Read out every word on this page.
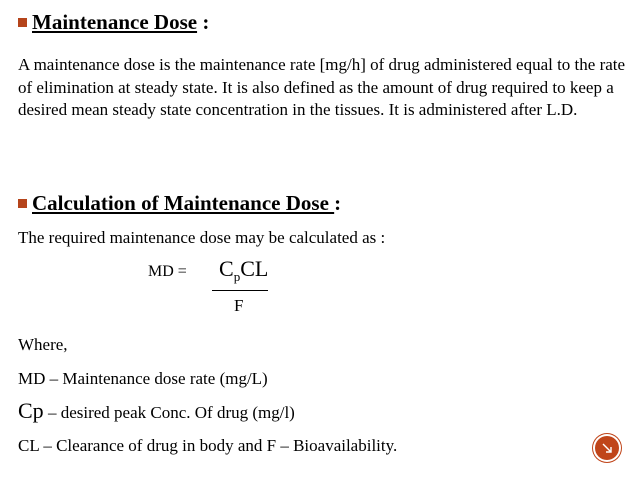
Maintenance Dose :
A maintenance dose is the maintenance rate [mg/h] of drug administered equal to the rate of elimination at steady state. It is also defined as the amount of drug required to keep a desired mean steady state concentration in the tissues. It is administered after L.D.
Calculation of Maintenance Dose :
The required maintenance dose may be calculated as :
MD = $C_pCL$
F
Where,
MD – Maintenance dose rate (mg/L)
Cp – desired peak Conc. Of drug (mg/l)
CL – Clearance of drug in body and F – Bioavailability.
